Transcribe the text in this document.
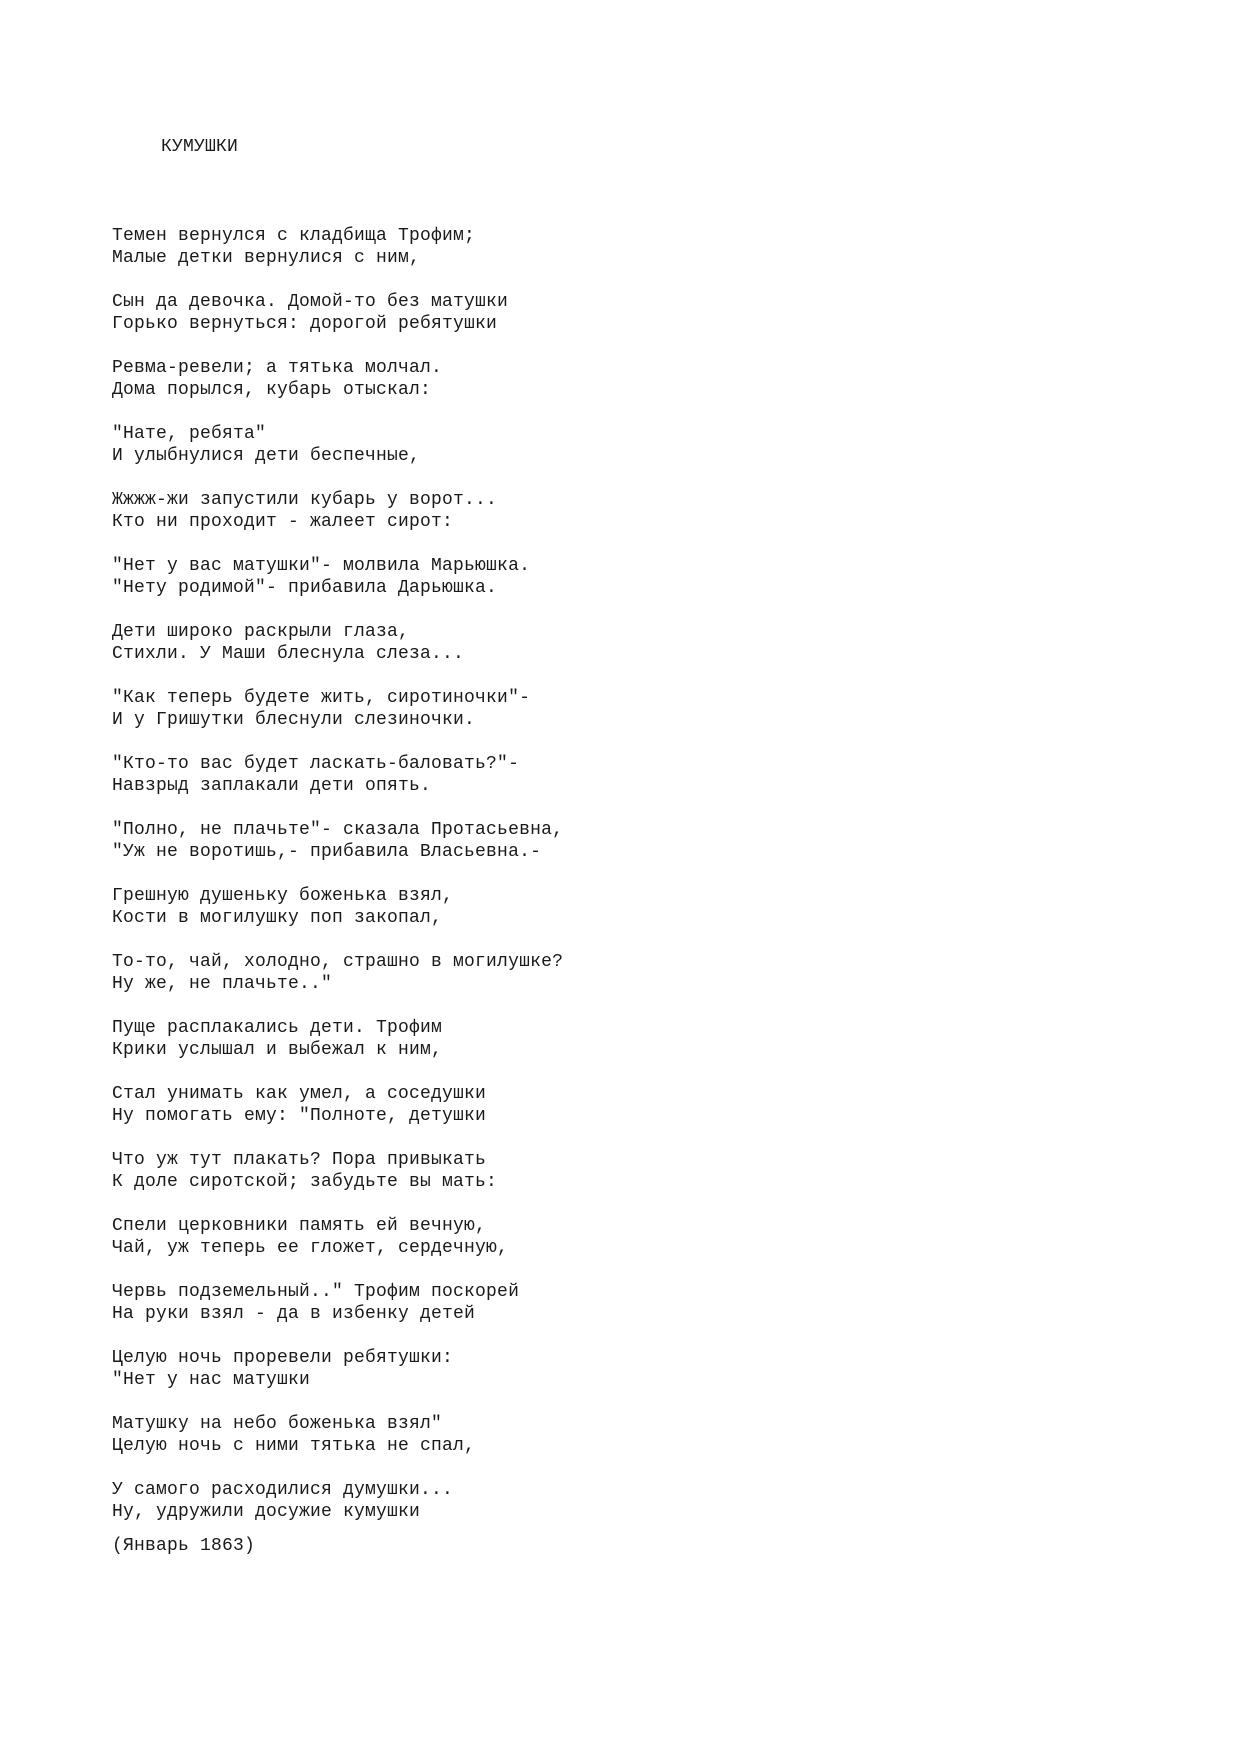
КУМУШКИ
Темен вернулся с кладбища Трофим;
Малые детки вернулися с ним,
Сын да девочка. Домой-то без матушки
Горько вернуться: дорогой ребятушки
Ревма-ревели; а тятька молчал.
Дома порылся, кубарь отыскал:
"Нате, ребята"
И улыбнулися дети беспечные,
Жжжж-жи запустили кубарь у ворот...
Кто ни проходит - жалеет сирот:
"Нет у вас матушки"- молвила Марьюшка.
"Нету родимой"- прибавила Дарьюшка.
Дети широко раскрыли глаза,
Стихли. У Маши блеснула слеза...
"Как теперь будете жить, сиротиночки"-
И у Гришутки блеснули слезиночки.
"Кто-то вас будет ласкать-баловать?"-
Навзрыд заплакали дети опять.
"Полно, не плачьте"- сказала Протасьевна,
"Уж не воротишь,- прибавила Власьевна.-
Грешную душеньку боженька взял,
Кости в могилушку поп закопал,
То-то, чай, холодно, страшно в могилушке?
Ну же, не плачьте.."
Пуще расплакались дети. Трофим
Крики услышал и выбежал к ним,
Стал унимать как умел, а соседушки
Ну помогать ему: "Полноте, детушки
Что уж тут плакать? Пора привыкать
К доле сиротской; забудьте вы мать:
Спели церковники память ей вечную,
Чай, уж теперь ее гложет, сердечную,
Червь подземельный.." Трофим поскорей
На руки взял - да в избенку детей
Целую ночь проревели ребятушки:
"Нет у нас матушки
Матушку на небо боженька взял"
Целую ночь с ними тятька не спал,
У самого расходилися думушки...
Ну, удружили досужие кумушки
(Январь 1863)
